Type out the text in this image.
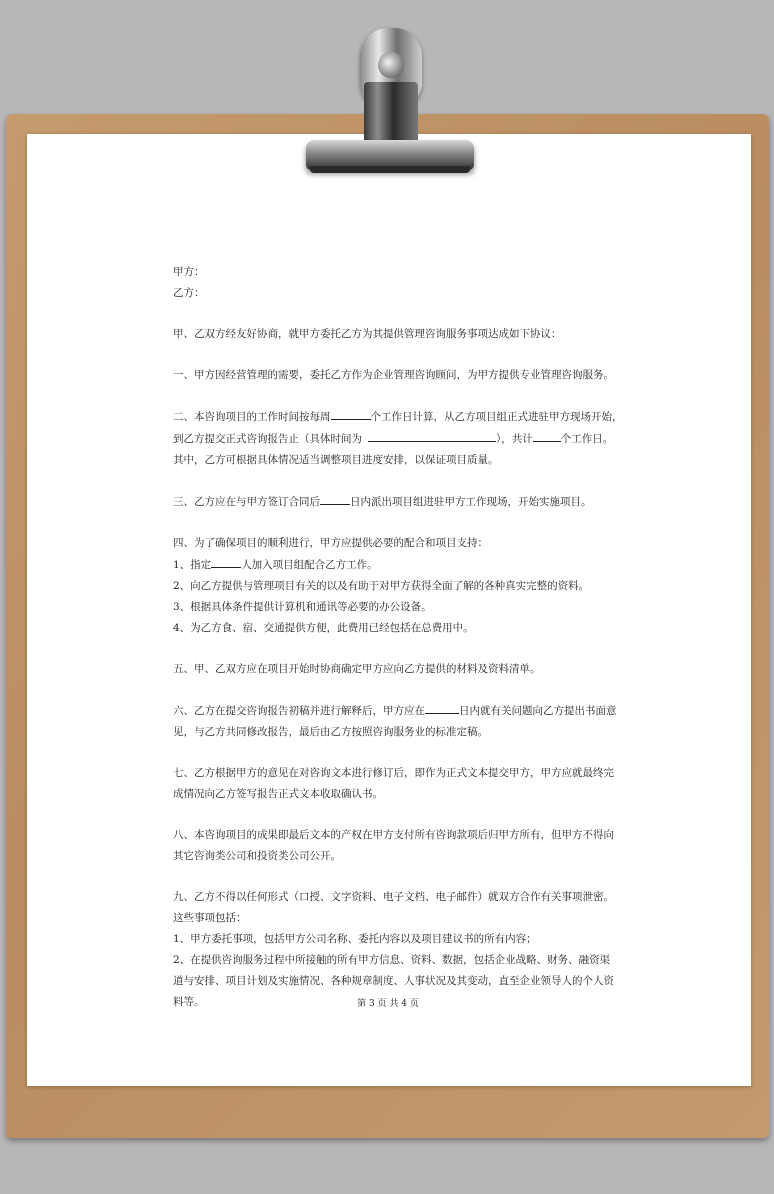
甲方：

乙方：

甲、乙双方经友好协商，就甲方委托乙方为其提供管理咨询服务事项达成如下协议：

一、甲方因经营管理的需要，委托乙方作为企业管理咨询顾问，为甲方提供专业管理咨询服务。

二、本咨询项目的工作时间按每周	个工作日计算，从乙方项目组正式进驻甲方现场开始，

到乙方提交正式咨询报告止（具体时间为	），共计	个工作日。

其中，乙方可根据具体情况适当调整项目进度安排，以保证项目质量。

三、乙方应在与甲方签订合同后	日内派出项目组进驻甲方工作现场，开始实施项目。

四、为了确保项目的顺利进行，甲方应提供必要的配合和项目支持：

1、指定	人加入项目组配合乙方工作。

2、向乙方提供与管理项目有关的以及有助于对甲方获得全面了解的各种真实完整的资料。

3、根据具体条件提供计算机和通讯等必要的办公设备。

4、为乙方食、宿、交通提供方便，此费用已经包括在总费用中。

五、甲、乙双方应在项目开始时协商确定甲方应向乙方提供的材料及资料清单。

六、乙方在提交咨询报告初稿并进行解释后，甲方应在	日内就有关问题向乙方提出书面意

见，与乙方共同修改报告，最后由乙方按照咨询服务业的标准定稿。

七、乙方根据甲方的意见在对咨询文本进行修订后，即作为正式文本提交甲方，甲方应就最终完

成情况向乙方签写报告正式文本收取确认书。

八、本咨询项目的成果即最后文本的产权在甲方支付所有咨询款项后归甲方所有，但甲方不得向

其它咨询类公司和投资类公司公开。

九、乙方不得以任何形式（口授、文字资料、电子文档、电子邮件）就双方合作有关事项泄密。

这些事项包括：

1、甲方委托事项，包括甲方公司名称、委托内容以及项目建议书的所有内容；

2、在提供咨询服务过程中所接触的所有甲方信息、资料、数据，包括企业战略、财务、融资渠

道与安排、项目计划及实施情况、各种规章制度、人事状况及其变动，直至企业领导人的个人资

料等。	第 3 页 共 4 页
